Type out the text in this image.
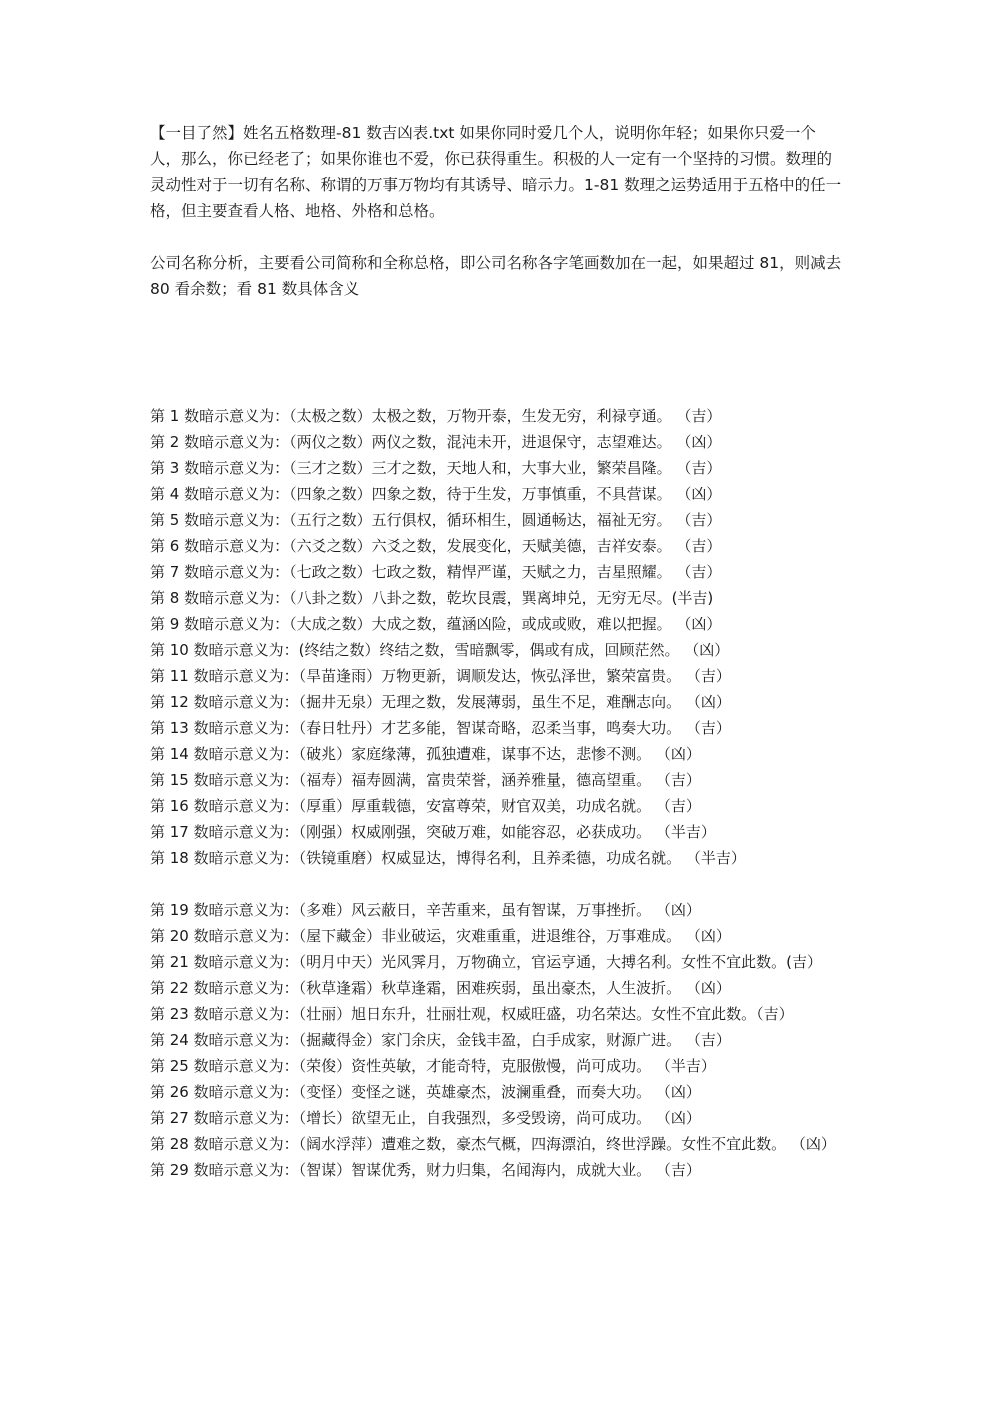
【一目了然】姓名五格数理-81 数吉凶表.txt 如果你同时爱几个人，说明你年轻；如果你只爱一个人，那么，你已经老了；如果你谁也不爱，你已获得重生。积极的人一定有一个坚持的习惯。数理的灵动性对于一切有名称、称谓的万事万物均有其诱导、暗示力。1-81 数理之运势适用于五格中的任一格，但主要查看人格、地格、外格和总格。

公司名称分析，主要看公司简称和全称总格，即公司名称各字笔画数加在一起，如果超过 81，则减去 80 看余数；看 81 数具体含义

第 1 数暗示意义为：（太极之数）太极之数，万物开泰，生发无穷，利禄亨通。 （吉）

第 2 数暗示意义为：（两仪之数）两仪之数，混沌未开，进退保守，志望难达。 （凶）

第 3 数暗示意义为：（三才之数）三才之数，天地人和，大事大业，繁荣昌隆。 （吉）

第 4 数暗示意义为：（四象之数）四象之数，待于生发，万事慎重，不具营谋。 （凶）

第 5 数暗示意义为：（五行之数）五行俱权，循环相生，圆通畅达，福祉无穷。 （吉）

第 6 数暗示意义为：（六爻之数）六爻之数，发展变化，天赋美德，吉祥安泰。 （吉）

第 7 数暗示意义为：（七政之数）七政之数，精悍严谨，天赋之力，吉星照耀。 （吉）

第 8 数暗示意义为：（八卦之数）八卦之数，乾坎艮震，巽离坤兑，无穷无尽。(半吉)

第 9 数暗示意义为：（大成之数）大成之数，蕴涵凶险，或成或败，难以把握。 （凶）

第 10 数暗示意义为：(终结之数）终结之数，雪暗飘零，偶或有成，回顾茫然。 （凶）

第 11 数暗示意义为：（旱苗逢雨）万物更新，调顺发达，恢弘泽世，繁荣富贵。 （吉）

第 12 数暗示意义为：（掘井无泉）无理之数，发展薄弱，虽生不足，难酬志向。 （凶）

第 13 数暗示意义为：（春日牡丹）才艺多能，智谋奇略，忍柔当事，鸣奏大功。 （吉）

第 14 数暗示意义为：（破兆）家庭缘薄，孤独遭难，谋事不达，悲惨不测。 （凶）

第 15 数暗示意义为：（福寿）福寿圆满，富贵荣誉，涵养雅量，德高望重。 （吉）

第 16 数暗示意义为：（厚重）厚重载德，安富尊荣，财官双美，功成名就。 （吉）

第 17 数暗示意义为：（刚强）权威刚强，突破万难，如能容忍，必获成功。 （半吉）

第 18 数暗示意义为：（铁镜重磨）权威显达，博得名利，且养柔德，功成名就。 （半吉）

第 19 数暗示意义为：（多难）风云蔽日，辛苦重来，虽有智谋，万事挫折。 （凶）

第 20 数暗示意义为：（屋下藏金）非业破运，灾难重重，进退维谷，万事难成。 （凶）

第 21 数暗示意义为：（明月中天）光风霁月，万物确立，官运亨通，大搏名利。女性不宜此数。(吉）

第 22 数暗示意义为：（秋草逢霜）秋草逢霜，困难疾弱，虽出豪杰，人生波折。 （凶）

第 23 数暗示意义为：（壮丽）旭日东升，壮丽壮观，权威旺盛，功名荣达。女性不宜此数。（吉）

第 24 数暗示意义为：（掘藏得金）家门余庆，金钱丰盈，白手成家，财源广进。 （吉）

第 25 数暗示意义为：（荣俊）资性英敏，才能奇特，克服傲慢，尚可成功。 （半吉）

第 26 数暗示意义为：（变怪）变怪之谜，英雄豪杰，波澜重叠，而奏大功。 （凶）

第 27 数暗示意义为：（增长）欲望无止，自我强烈，多受毁谤，尚可成功。 （凶）

第 28 数暗示意义为：（阔水浮萍）遭难之数，豪杰气概，四海漂泊，终世浮躁。女性不宜此数。 （凶）

第 29 数暗示意义为：（智谋）智谋优秀，财力归集，名闻海内，成就大业。 （吉）
